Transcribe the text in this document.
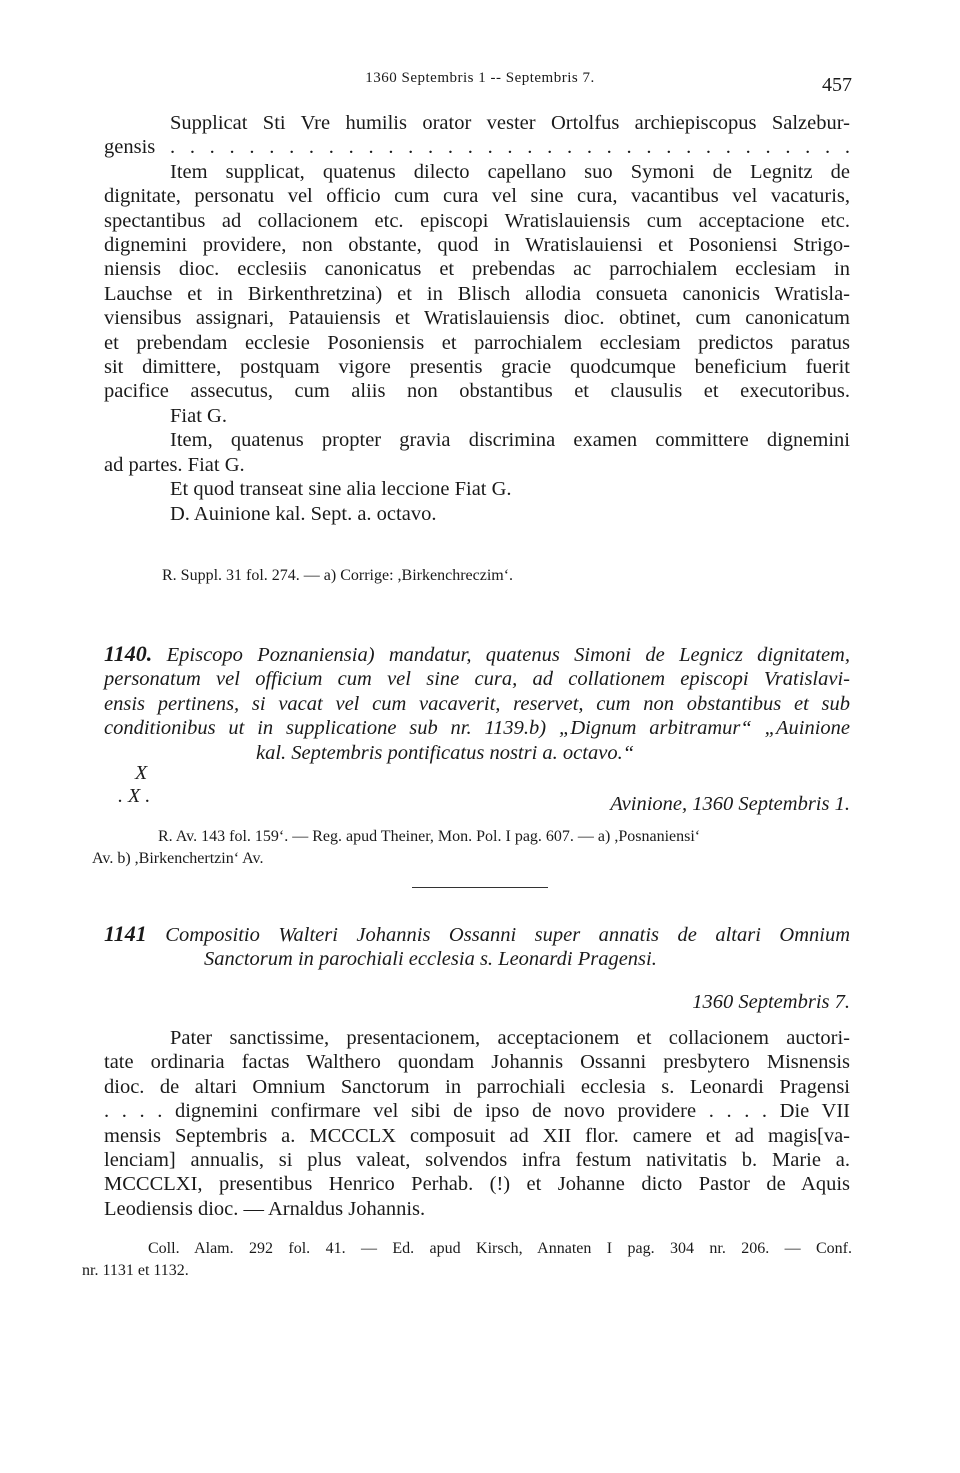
1360 Septembris 1 -- Septembris 7.	457
Supplicat Sti Vre humilis orator vester Ortolfus archiepiscopus Salzebur-
gensis . . . . . . . . . . . . . . . . . . . . . . . . . . . . . . . . . . .
Item supplicat, quatenus dilecto capellano suo Symoni de Legnitz de
dignitate, personatu vel officio cum cura vel sine cura, vacantibus vel vacaturis,
spectantibus ad collacionem etc. episcopi Wratislauiensis cum acceptacione etc.
dignemini providere, non obstante, quod in Wratislauiensi et Posoniensi Strigo-
niensis dioc. ecclesiis canonicatus et prebendas ac parrochialem ecclesiam in
Lauchse et in Birkenthretzina) et in Blisch allodia consueta canonicis Wratisla-
viensibus assignari, Patauiensis et Wratislauiensis dioc. obtinet, cum canonicatum
et prebendam ecclesie Posoniensis et parrochialem ecclesiam predictos paratus
sit dimittere, postquam vigore presentis gracie quodcumque beneficium fuerit
pacifice assecutus, cum aliis non obstantibus et clausulis et executoribus.
Fiat G.
Item, quatenus propter gravia discrimina examen committere dignemini
ad partes. Fiat G.
Et quod transeat sine alia leccione Fiat G.
D. Auinione kal. Sept. a. octavo.
R. Suppl. 31 fol. 274. — a) Corrige: ,Birkenchreczim‘.
1140. Episcopo Poznaniensia) mandatur, quatenus Simoni de Legnicz dignitatem,
personatum vel officium cum vel sine cura, ad collationem episcopi Vratislavi-
ensis pertinens, si vacat vel cum vacaverit, reservet, cum non obstantibus et sub
conditionibus ut in supplicatione sub nr. 1139.b) „Dignum arbitramur“ „Auinione
kal. Septembris pontificatus nostri a. octavo.“
X
. X .	Avinione, 1360 Septembris 1.
R. Av. 143 fol. 159‘. — Reg. apud Theiner, Mon. Pol. I pag. 607. — a) ,Posnaniensi‘
Av. b) ,Birkenchertzin‘ Av.
1141 Compositio Walteri Johannis Ossanni super annatis de altari Omnium
Sanctorum in parochiali ecclesia s. Leonardi Pragensi.
1360 Septembris 7.
Pater sanctissime, presentacionem, acceptacionem et collacionem auctori-
tate ordinaria factas Walthero quondam Johannis Ossanni presbytero Misnensis
dioc. de altari Omnium Sanctorum in parrochiali ecclesia s. Leonardi Pragensi
. . . . dignemini confirmare vel sibi de ipso de novo providere . . . . Die VII
mensis Septembris a. MCCCLX composuit ad XII flor. camere et ad magis[va-
lenciam] annualis, si plus valeat, solvendos infra festum nativitatis b. Marie a.
MCCCLXI, presentibus Henrico Perhab. (!) et Johanne dicto Pastor de Aquis
Leodiensis dioc. — Arnaldus Johannis.
Coll. Alam. 292 fol. 41. — Ed. apud Kirsch, Annaten I pag. 304 nr. 206. — Conf.
nr. 1131 et 1132.
